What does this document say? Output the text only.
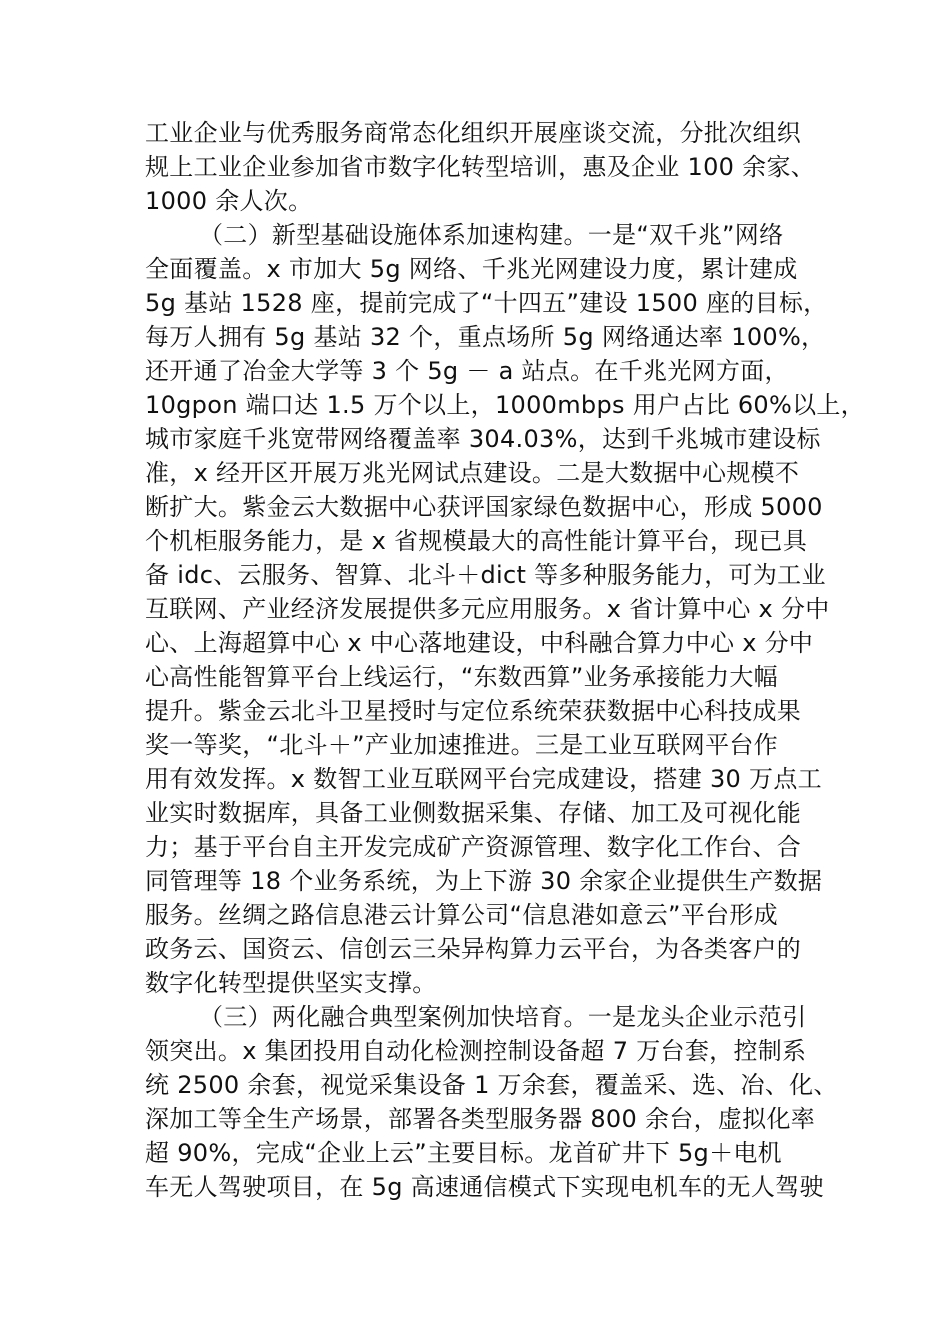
工业企业与优秀服务商常态化组织开展座谈交流，分批次组织
规上工业企业参加省市数字化转型培训，惠及企业 100 余家、
1000 余人次。
（二）新型基础设施体系加速构建。一是“双千兆”网络
全面覆盖。x 市加大 5g 网络、千兆光网建设力度，累计建成
5g 基站 1528 座，提前完成了“十四五”建设 1500 座的目标，
每万人拥有 5g 基站 32 个，重点场所 5g 网络通达率 100%，
还开通了冶金大学等 3 个 5g － a 站点。在千兆光网方面，
10gpon 端口达 1.5 万个以上，1000mbps 用户占比 60%以上，
城市家庭千兆宽带网络覆盖率 304.03%，达到千兆城市建设标
准，x 经开区开展万兆光网试点建设。二是大数据中心规模不
断扩大。紫金云大数据中心获评国家绿色数据中心，形成 5000
个机柜服务能力，是 x 省规模最大的高性能计算平台，现已具
备 idc、云服务、智算、北斗＋dict 等多种服务能力，可为工业
互联网、产业经济发展提供多元应用服务。x 省计算中心 x 分中
心、上海超算中心 x 中心落地建设，中科融合算力中心 x 分中
心高性能智算平台上线运行，“东数西算”业务承接能力大幅
提升。紫金云北斗卫星授时与定位系统荣获数据中心科技成果
奖一等奖，“北斗＋”产业加速推进。三是工业互联网平台作
用有效发挥。x 数智工业互联网平台完成建设，搭建 30 万点工
业实时数据库，具备工业侧数据采集、存储、加工及可视化能
力；基于平台自主开发完成矿产资源管理、数字化工作台、合
同管理等 18 个业务系统，为上下游 30 余家企业提供生产数据
服务。丝绸之路信息港云计算公司“信息港如意云”平台形成
政务云、国资云、信创云三朵异构算力云平台，为各类客户的
数字化转型提供坚实支撑。
（三）两化融合典型案例加快培育。一是龙头企业示范引
领突出。x 集团投用自动化检测控制设备超 7 万台套，控制系
统 2500 余套，视觉采集设备 1 万余套，覆盖采、选、冶、化、
深加工等全生产场景，部署各类型服务器 800 余台，虚拟化率
超 90%，完成“企业上云”主要目标。龙首矿井下 5g＋电机
车无人驾驶项目，在 5g 高速通信模式下实现电机车的无人驾驶
